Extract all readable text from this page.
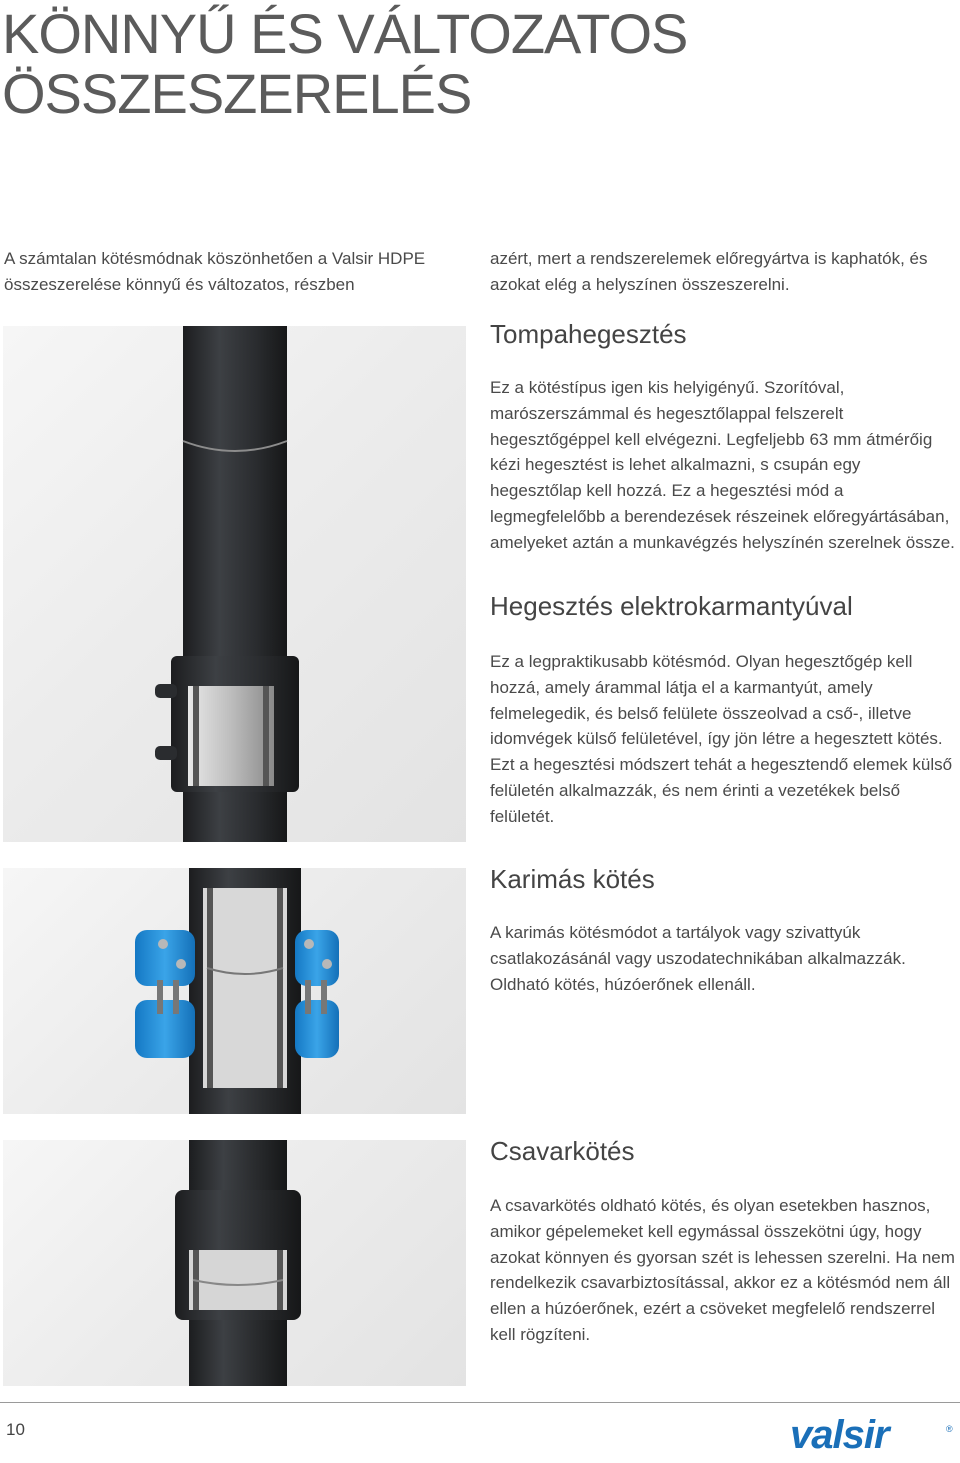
KÖNNYŰ ÉS VÁLTOZATOS
ÖSSZESZERELÉS

A számtalan kötésmódnak köszönhetően a Valsir HDPE összeszerelése könnyű és változatos, részben

azért, mert a rendszerelemek előregyártva is kaphatók, és azokat elég a helyszínen összeszerelni.

Tompahegesztés

Ez a kötéstípus igen kis helyigényű. Szorítóval, marószerszámmal és hegesztőlappal felszerelt hegesztőgéppel kell elvégezni. Legfeljebb 63 mm átmérőig kézi hegesztést is lehet alkalmazni, s csupán egy hegesztőlap kell hozzá. Ez a hegesztési mód a legmegfelelőbb a berendezések részeinek előregyártásában, amelyeket aztán a munkavégzés helyszínén szerelnek össze.

Hegesztés elektrokarmantyúval

Ez a legpraktikusabb kötésmód. Olyan hegesztőgép kell hozzá, amely árammal látja el a karmantyút, amely felmelegedik, és belső felülete összeolvad a cső-, illetve idomvégek külső felületével, így jön létre a hegesztett kötés. Ezt a hegesztési módszert tehát a hegesztendő elemek külső felületén alkalmazzák, és nem érinti a vezetékek belső felületét.

Karimás kötés

A karimás kötésmódot a tartályok vagy szivattyúk csatlakozásánál vagy uszodatechnikában alkalmazzák. Oldható kötés, húzóerőnek ellenáll.

Csavarkötés

A csavarkötés oldható kötés, és olyan esetekben hasznos, amikor gépelemeket kell egymással összekötni úgy, hogy azokat könnyen és gyorsan szét is lehessen szerelni. Ha nem rendelkezik csavarbiztosítással, akkor ez a kötésmód nem áll ellen a húzóerőnek, ezért a csöveket megfelelő rendszerrel kell rögzíteni.

10	valsir	®
